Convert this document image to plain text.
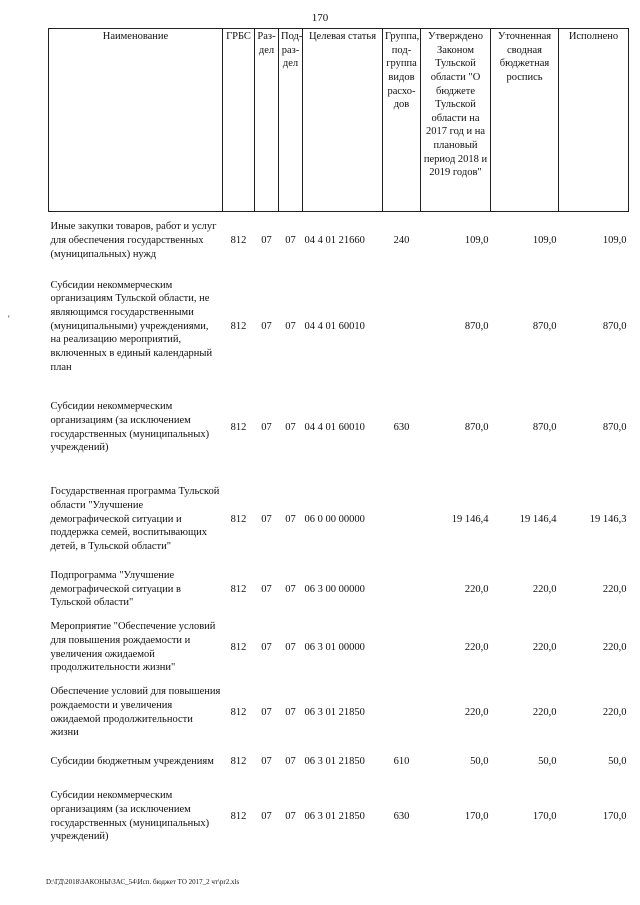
170
'
Наименование	ГРБС	Раз-дел	Под-раз-дел	Целевая статья	Группа, под-группа видов расхо-дов	Утверждено Законом Тульской области "О бюджете Тульской области на 2017 год и на плановый период 2018 и 2019 годов"	Уточненная сводная бюджетная роспись	Исполнено
Иные закупки товаров, работ и услуг для обеспечения государственных (муниципальных) нужд	812	07	07	04 4 01 21660	240	109,0	109,0	109,0
Субсидии некоммерческим организациям Тульской области, не являющимся государственными (муниципальными) учреждениями, на реализацию мероприятий, включенных в единый календарный план	812	07	07	04 4 01 60010		870,0	870,0	870,0
Субсидии некоммерческим организациям (за исключением государственных (муниципальных) учреждений)	812	07	07	04 4 01 60010	630	870,0	870,0	870,0
Государственная программа Тульской области "Улучшение демографической ситуации и поддержка семей, воспитывающих детей, в Тульской области"	812	07	07	06 0 00 00000		19 146,4	19 146,4	19 146,3
Подпрограмма "Улучшение демографической ситуации в Тульской области"	812	07	07	06 3 00 00000		220,0	220,0	220,0
Мероприятие "Обеспечение условий для повышения рождаемости и увеличения ожидаемой продолжительности жизни"	812	07	07	06 3 01 00000		220,0	220,0	220,0
Обеспечение условий для повышения рождаемости и увеличения ожидаемой продолжительности жизни	812	07	07	06 3 01 21850		220,0	220,0	220,0
Субсидии бюджетным учреждениям	812	07	07	06 3 01 21850	610	50,0	50,0	50,0
Субсидии некоммерческим организациям (за исключением государственных (муниципальных) учреждений)	812	07	07	06 3 01 21850	630	170,0	170,0	170,0
D:\ГД\2018\ЗАКОНЫ\ЗАС_54\Исп. бюджет ТО 2017_2 чт\pr2.xls
